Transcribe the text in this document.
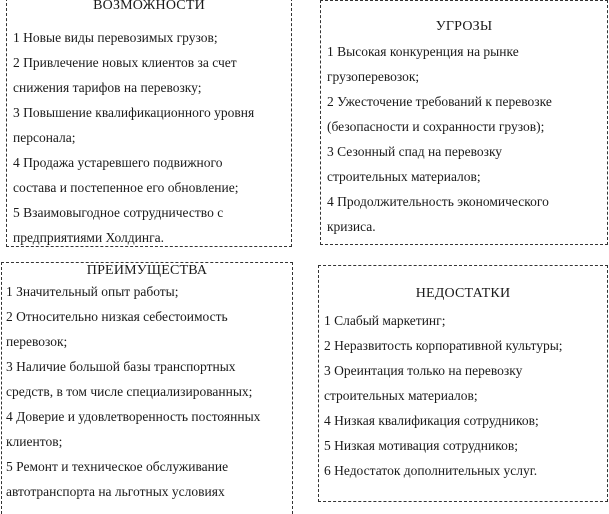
ВОЗМОЖНОСТИ
1 Новые виды перевозимых грузов;
2 Привлечение новых клиентов за счет
снижения тарифов на перевозку;
3 Повышение квалификационного уровня
персонала;
4 Продажа устаревшего подвижного
состава и постепенное его обновление;
5 Взаимовыгодное сотрудничество с
предприятиями Холдинга.
УГРОЗЫ
1 Высокая конкуренция на рынке
грузоперевозок;
2 Ужесточение требований к перевозке
(безопасности и сохранности грузов);
3 Сезонный спад на перевозку
строительных материалов;
4 Продолжительность экономического
кризиса.
ПРЕИМУЩЕСТВА
1 Значительный опыт работы;
2 Относительно низкая себестоимость
перевозок;
3 Наличие большой базы транспортных
средств, в том числе специализированных;
4 Доверие и удовлетворенность постоянных
клиентов;
5 Ремонт и техническое обслуживание
автотранспорта на льготных условиях
НЕДОСТАТКИ
1 Слабый маркетинг;
2 Неразвитость корпоративной культуры;
3 Ореинтация только на перевозку
строительных материалов;
4 Низкая квалификация сотрудников;
5 Низкая мотивация сотрудников;
6 Недостаток дополнительных услуг.
